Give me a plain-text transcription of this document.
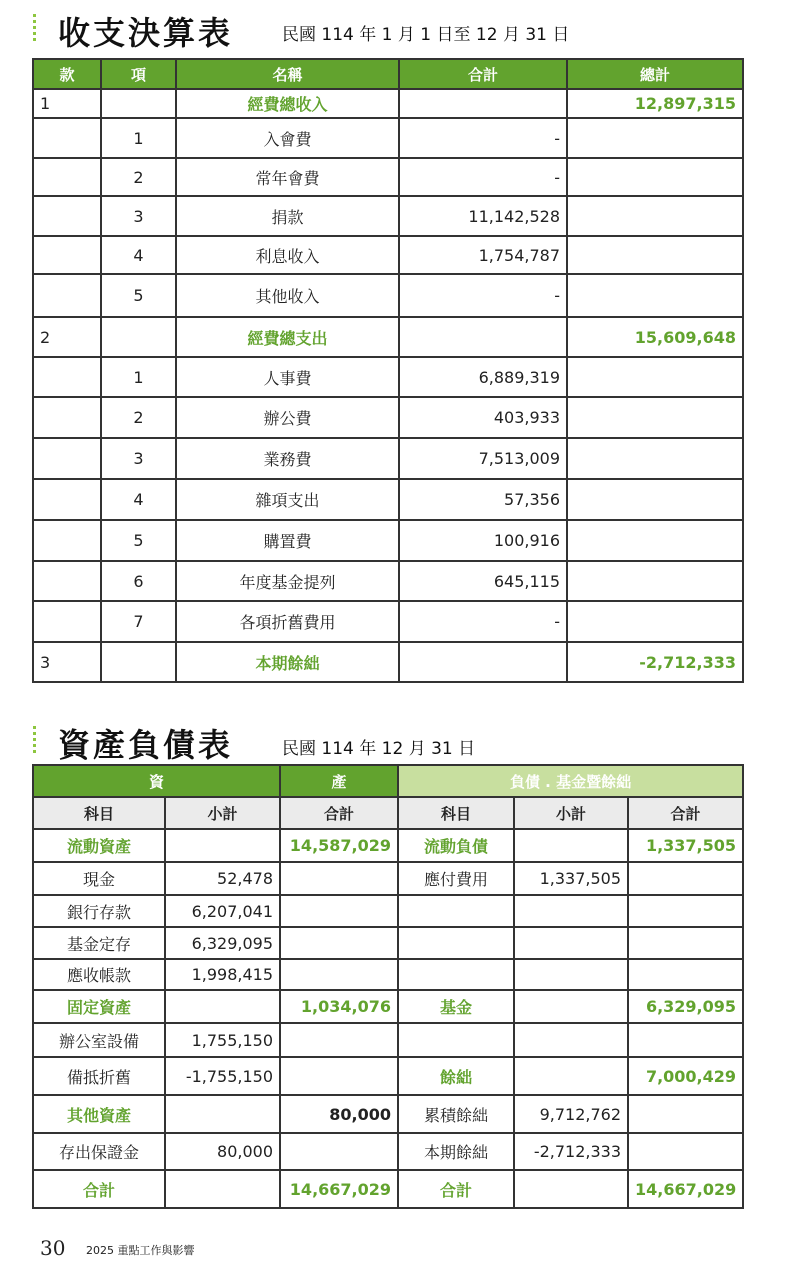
收支決算表	民國 114 年 1 月 1 日至 12 月 31 日
款	項	名稱	合計	總計
1		經費總收入		12,897,315
	1	入會費	-	
	2	常年會費	-	
	3	捐款	11,142,528	
	4	利息收入	1,754,787	
	5	其他收入	-	
2		經費總支出		15,609,648
	1	人事費	6,889,319	
	2	辦公費	403,933	
	3	業務費	7,513,009	
	4	雜項支出	57,356	
	5	購置費	100,916	
	6	年度基金提列	645,115	
	7	各項折舊費用	-	
3		本期餘絀		-2,712,333
資產負債表	民國 114 年 12 月 31 日
資		產	負債 . 基金暨餘絀		
科目	小計	合計	科目	小計	合計
流動資產		14,587,029	流動負債		1,337,505
現金	52,478		應付費用	1,337,505	
銀行存款	6,207,041				
基金定存	6,329,095				
應收帳款	1,998,415				
固定資產		1,034,076	基金		6,329,095
辦公室設備	1,755,150				
備抵折舊	-1,755,150		餘絀		7,000,429
其他資產		80,000	累積餘絀	9,712,762	
存出保證金	80,000		本期餘絀	-2,712,333	
合計		14,667,029	合計		14,667,029
30 2025 重點工作與影響
